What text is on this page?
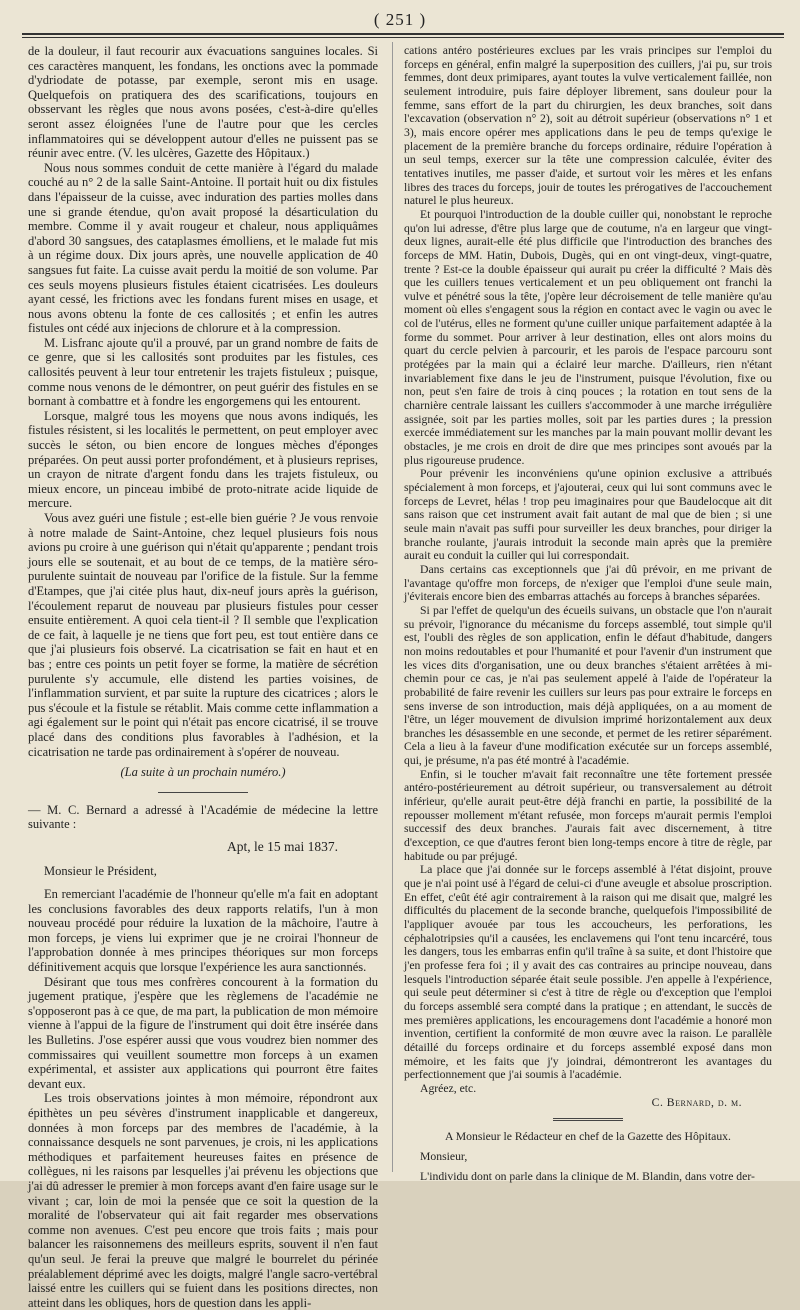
( 251 )

de la douleur, il faut recourir aux évacuations sanguines locales. Si ces caractères manquent, les fondans, les onctions avec la pommade d'ydriodate de potasse, par exemple, seront mis en usage. Quelquefois on pratiquera des des scarifications, toujours en obsservant les règles que nous avons posées, c'est-à-dire qu'elles seront assez éloignées l'une de l'autre pour que les cercles inflammatoires qui se développent autour d'elles ne puissent pas se réunir avec entre. (V. les ulcères, Gazette des Hôpitaux.)

Nous nous sommes conduit de cette manière à l'égard du malade couché au n° 2 de la salle Saint-Antoine. Il portait huit ou dix fistules dans l'épaisseur de la cuisse, avec induration des parties molles dans une si grande étendue, qu'on avait proposé la désarticulation du membre. Comme il y avait rougeur et chaleur, nous appliquâmes d'abord 30 sangsues, des cataplasmes émolliens, et le malade fut mis à un régime doux. Dix jours après, une nouvelle application de 40 sangsues fut faite. La cuisse avait perdu la moitié de son volume. Par ces seuls moyens plusieurs fistules étaient cicatrisées. Les douleurs ayant cessé, les frictions avec les fondans furent mises en usage, et nous avons obtenu la fonte de ces callosités ; et enfin les autres fistules ont cédé aux injecions de chlorure et à la compression.

M. Lisfranc ajoute qu'il a prouvé, par un grand nombre de faits de ce genre, que si les callosités sont produites par les fistules, ces callosités peuvent à leur tour entretenir les trajets fistuleux ; puisque, comme nous venons de le démontrer, on peut guérir des fistules en se bornant à combattre et à fondre les engorgemens qui les entourent.

Lorsque, malgré tous les moyens que nous avons indiqués, les fistules résistent, si les localités le permettent, on peut employer avec succès le séton, ou bien encore de longues mèches d'éponges préparées. On peut aussi porter profondément, et à plusieurs reprises, un crayon de nitrate d'argent fondu dans les trajets fistuleux, ou mieux encore, un pinceau imbibé de proto-nitrate acide liquide de mercure.

Vous avez guéri une fistule ; est-elle bien guérie ? Je vous renvoie à notre malade de Saint-Antoine, chez lequel plusieurs fois nous avions pu croire à une guérison qui n'était qu'apparente ; pendant trois jours elle se soutenait, et au bout de ce temps, de la matière séro-purulente suintait de nouveau par l'orifice de la fistule. Sur la femme d'Etampes, que j'ai citée plus haut, dix-neuf jours après la guérison, l'écoulement reparut de nouveau par plusieurs fistules pour cesser ensuite entièrement. A quoi cela tient-il ? Il semble que l'explication de ce fait, à laquelle je ne tiens que fort peu, est tout entière dans ce que j'ai plusieurs fois observé. La cicatrisation se fait en haut et en bas ; entre ces points un petit foyer se forme, la matière de sécrétion purulente s'y accumule, elle distend les parties voisines, de l'inflammation survient, et par suite la rupture des cicatrices ; alors le pus s'écoule et la fistule se rétablit. Mais comme cette inflammation a agi également sur le point qui n'était pas encore cicatrisé, il se trouve placé dans des conditions plus favorables à l'adhésion, et la cicatrisation ne tarde pas ordinairement à s'opérer de nouveau.

(La suite à un prochain numéro.)

— M. C. Bernard a adressé à l'Académie de médecine la lettre suivante :

Apt, le 15 mai 1837.

Monsieur le Président,

En remerciant l'académie de l'honneur qu'elle m'a fait en adoptant les conclusions favorables des deux rapports relatifs, l'un à mon nouveau procédé pour réduire la luxation de la mâchoire, l'autre à mon forceps, je viens lui exprimer que je ne croirai l'honneur de l'approbation donnée à mes principes théoriques sur mon forceps définitivement acquis que lorsque l'expérience les aura sanctionnés.

Désirant que tous mes confrères concourent à la formation du jugement pratique, j'espère que les règlemens de l'académie ne s'opposeront pas à ce que, de ma part, la publication de mon mémoire vienne à l'appui de la figure de l'instrument qui doit être insérée dans les Bulletins. J'ose espérer aussi que vous voudrez bien nommer des commissaires qui veuillent soumettre mon forceps à un examen expérimental, et assister aux applications qui pourront être faites devant eux.

Les trois observations jointes à mon mémoire, répondront aux épithètes un peu sévères d'instrument inapplicable et dangereux, données à mon forceps par des membres de l'académie, à la connaissance desquels ne sont parvenues, je crois, ni les applications méthodiques et parfaitement heureuses faites en présence de collègues, ni les raisons par lesquelles j'ai prévenu les objections que j'ai dû adresser le premier à mon forceps avant d'en faire usage sur le vivant ; car, loin de moi la pensée que ce soit la question de la moralité de l'observateur qui ait fait regarder mes observations comme non avenues. C'est peu encore que trois faits ; mais pour balancer les raisonnemens des meilleurs esprits, souvent il n'en faut qu'un seul. Je ferai la preuve que malgré le bourrelet du périnée préalablement déprimé avec les doigts, malgré l'angle sacro-vertébral laissé entre les cuillers qui se fuient dans les positions directes, non atteint dans les obliques, hors de question dans les appli-

cations antéro postérieures exclues par les vrais principes sur l'emploi du forceps en général, enfin malgré la superposition des cuillers, j'ai pu, sur trois femmes, dont deux primipares, ayant toutes la vulve verticalement faillée, non seulement introduire, puis faire déployer librement, sans douleur pour la femme, sans effort de la part du chirurgien, les deux branches, soit dans l'excavation (observation n° 2), soit au détroit supérieur (observations n° 1 et 3), mais encore opérer mes applications dans le peu de temps qu'exige le placement de la première branche du forceps ordinaire, réduire l'opération à un seul temps, exercer sur la tête une compression calculée, éviter des tentatives inutiles, me passer d'aide, et surtout voir les mères et les enfans libres des traces du forceps, jouir de toutes les prérogatives de l'accouchement naturel le plus heureux.

Et pourquoi l'introduction de la double cuiller qui, nonobstant le reproche qu'on lui adresse, d'être plus large que de coutume, n'a en largeur que vingt-deux lignes, aurait-elle été plus difficile que l'introduction des branches des forceps de MM. Hatin, Dubois, Dugès, qui en ont vingt-deux, vingt-quatre, trente ? Est-ce la double épaisseur qui aurait pu créer la difficulté ? Mais dès que les cuillers tenues verticalement et un peu obliquement ont franchi la vulve et pénétré sous la tête, j'opère leur décroisement de telle manière qu'au moment où elles s'engagent sous la région en contact avec le vagin ou avec le col de l'utérus, elles ne forment qu'une cuiller unique parfaitement adaptée à la forme du sommet. Pour arriver à leur destination, elles ont alors moins du quart du cercle pelvien à parcourir, et les parois de l'espace parcouru sont protégées par la main qui a éclairé leur marche. D'ailleurs, rien n'étant invariablement fixe dans le jeu de l'instrument, puisque l'évolution, fixe ou non, peut s'en faire de trois à cinq pouces ; la rotation en tout sens de la charnière centrale laissant les cuillers s'accommoder à une marche irrégulière assignée, soit par les parties molles, soit par les parties dures ; la pression exercée immédiatement sur les manches par la main pouvant mollir devant les obstacles, je me crois en droit de dire que mes principes sont avoués par la plus rigoureuse prudence.

Pour prévenir les inconvéniens qu'une opinion exclusive a attribués spécialement à mon forceps, et j'ajouterai, ceux qui lui sont communs avec le forceps de Levret, hélas ! trop peu imaginaires pour que Baudelocque ait dit sans raison que cet instrument avait fait autant de mal que de bien ; si une seule main n'avait pas suffi pour surveiller les deux branches, pour diriger la branche roulante, j'aurais introduit la seconde main après que la première aurait eu conduit la cuiller qui lui correspondait.

Dans certains cas exceptionnels que j'ai dû prévoir, en me privant de l'avantage qu'offre mon forceps, de n'exiger que l'emploi d'une seule main, j'éviterais encore bien des embarras attachés au forceps à branches séparées.

Si par l'effet de quelqu'un des écueils suivans, un obstacle que l'on n'aurait su prévoir, l'ignorance du mécanisme du forceps assemblé, tout simple qu'il est, l'oubli des règles de son application, enfin le défaut d'habitude, dangers non moins redoutables et pour l'humanité et pour l'avenir d'un instrument que les vices dits d'organisation, une ou deux branches s'étaient arrêtées à mi-chemin pour ce cas, je n'ai pas seulement appelé à l'aide de l'opérateur la probabilité de faire revenir les cuillers sur leurs pas pour extraire le forceps en sens inverse de son introduction, mais déjà appliquées, on a au moment de l'être, un léger mouvement de divulsion imprimé horizontalement aux deux branches les désassemble en une seconde, et permet de les retirer séparément. Cela a lieu à la faveur d'une modification exécutée sur un forceps assemblé, qui, je présume, n'a pas été montré à l'académie.

Enfin, si le toucher m'avait fait reconnaître une tête fortement pressée antéro-postérieurement au détroit supérieur, ou transversalement au détroit inférieur, qu'elle aurait peut-être déjà franchi en partie, la possibilité de la repousser mollement m'étant refusée, mon forceps m'aurait permis l'emploi successif des deux branches. J'aurais fait avec discernement, à titre d'exception, ce que d'autres feront bien long-temps encore à titre de règle, par habitude ou par préjugé.

La place que j'ai donnée sur le forceps assemblé à l'état disjoint, prouve que je n'ai point usé à l'égard de celui-ci d'une aveugle et absolue proscription. En effet, c'eût été agir contrairement à la raison qui me disait que, malgré les difficultés du placement de la seconde branche, quelquefois l'impossibilité de l'appliquer avouée par tous les accoucheurs, les perforations, les céphalotripsies qu'il a causées, les enclavemens qui l'ont tenu incarcéré, tous les dangers, tous les embarras enfin qu'il traîne à sa suite, et dont l'histoire que j'en professe fera foi ; il y avait des cas contraires au principe nouveau, dans lesquels l'introduction séparée était seule possible. J'en appelle à l'expérience, qui seule peut déterminer si c'est à titre de règle ou d'exception que l'emploi du forceps assemblé sera compté dans la pratique ; en attendant, le succès de mes premières applications, les encouragemens dont l'académie a honoré mon invention, certifient la conformité de mon œuvre avec la raison. Le parallèle détaillé du forceps ordinaire et du forceps assemblé exposé dans mon mémoire, et les faits que j'y joindrai, démontreront les avantages du perfectionnement que j'ai soumis à l'académie.

Agréez, etc.

C. Bernard, d. m.

A Monsieur le Rédacteur en chef de la Gazette des Hôpitaux.

Monsieur,

L'individu dont on parle dans la clinique de M. Blandin, dans votre der-
